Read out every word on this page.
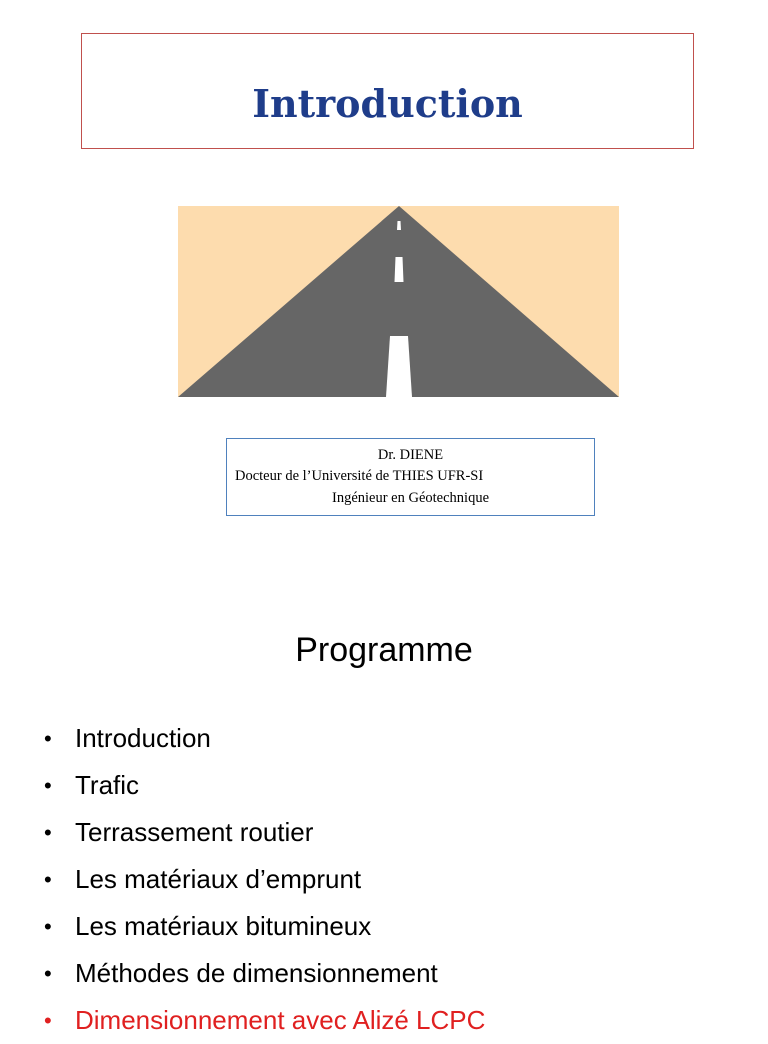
Introduction
Dr. DIENE
Docteur de l’Université de THIES UFR-SI
Ingénieur en Géotechnique
Programme
• Introduction
• Trafic
• Terrassement routier
• Les matériaux d’emprunt
• Les matériaux bitumineux
• Méthodes de dimensionnement
• Dimensionnement avec Alizé LCPC
